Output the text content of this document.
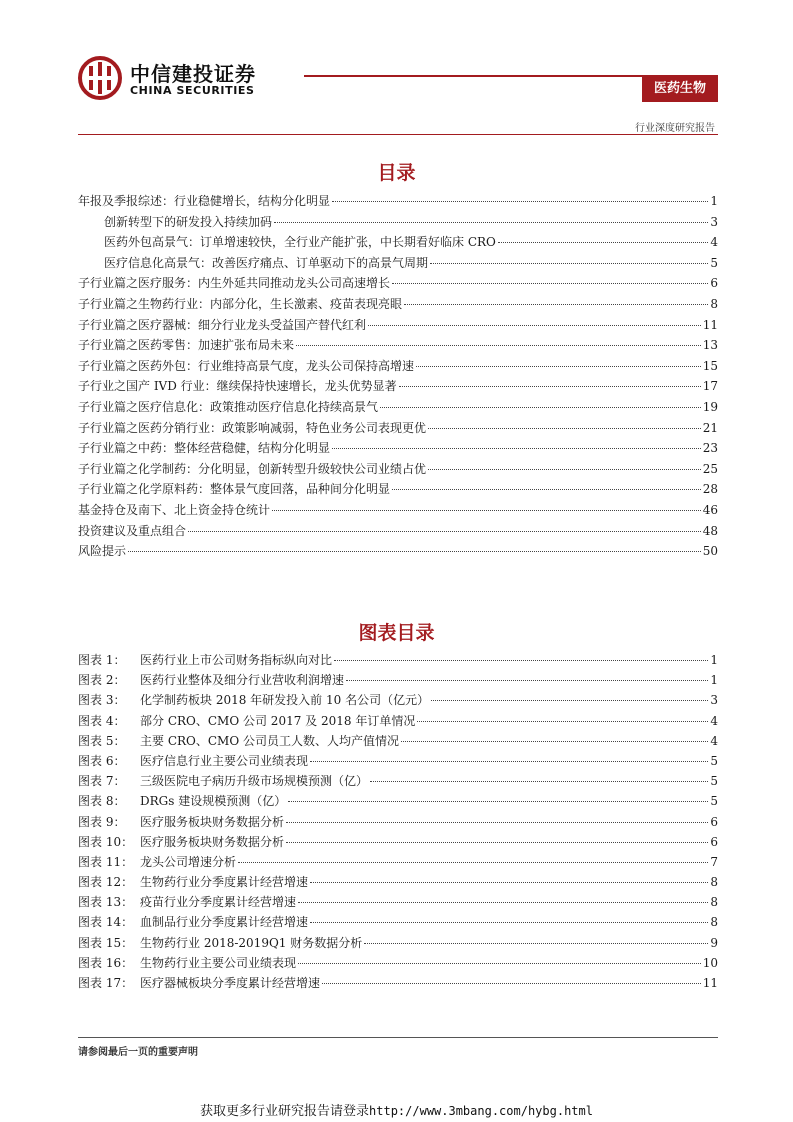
中信建投证券
CHINA SECURITIES	医药生物
行业深度研究报告
目录
年报及季报综述：行业稳健增长，结构分化明显	1
创新转型下的研发投入持续加码	3
医药外包高景气：订单增速较快，全行业产能扩张，中长期看好临床 CRO	4
医疗信息化高景气：改善医疗痛点、订单驱动下的高景气周期	5
子行业篇之医疗服务：内生外延共同推动龙头公司高速增长	6
子行业篇之生物药行业：内部分化，生长激素、疫苗表现亮眼	8
子行业篇之医疗器械：细分行业龙头受益国产替代红利	11
子行业篇之医药零售：加速扩张布局未来	13
子行业篇之医药外包：行业维持高景气度，龙头公司保持高增速	15
子行业之国产 IVD 行业：继续保持快速增长，龙头优势显著	17
子行业篇之医疗信息化：政策推动医疗信息化持续高景气	19
子行业篇之医药分销行业：政策影响减弱，特色业务公司表现更优	21
子行业篇之中药：整体经营稳健，结构分化明显	23
子行业篇之化学制药：分化明显，创新转型升级较快公司业绩占优	25
子行业篇之化学原料药：整体景气度回落，品种间分化明显	28
基金持仓及南下、北上资金持仓统计	46
投资建议及重点组合	48
风险提示	50
图表目录
图表 1：	医药行业上市公司财务指标纵向对比	1
图表 2：	医药行业整体及细分行业营收利润增速	1
图表 3：	化学制药板块 2018 年研发投入前 10 名公司（亿元）	3
图表 4：	部分 CRO、CMO 公司 2017 及 2018 年订单情况	4
图表 5：	主要 CRO、CMO 公司员工人数、人均产值情况	4
图表 6：	医疗信息行业主要公司业绩表现	5
图表 7：	三级医院电子病历升级市场规模预测（亿）	5
图表 8：	DRGs 建设规模预测（亿）	5
图表 9：	医疗服务板块财务数据分析	6
图表 10： 医疗服务板块财务数据分析	6
图表 11： 龙头公司增速分析	7
图表 12： 生物药行业分季度累计经营增速	8
图表 13： 疫苗行业分季度累计经营增速	8
图表 14： 血制品行业分季度累计经营增速	8
图表 15： 生物药行业 2018-2019Q1 财务数据分析	9
图表 16： 生物药行业主要公司业绩表现	10
图表 17： 医疗器械板块分季度累计经营增速	11
请参阅最后一页的重要声明
获取更多行业研究报告请登录http://www.3mbang.com/hybg.html
